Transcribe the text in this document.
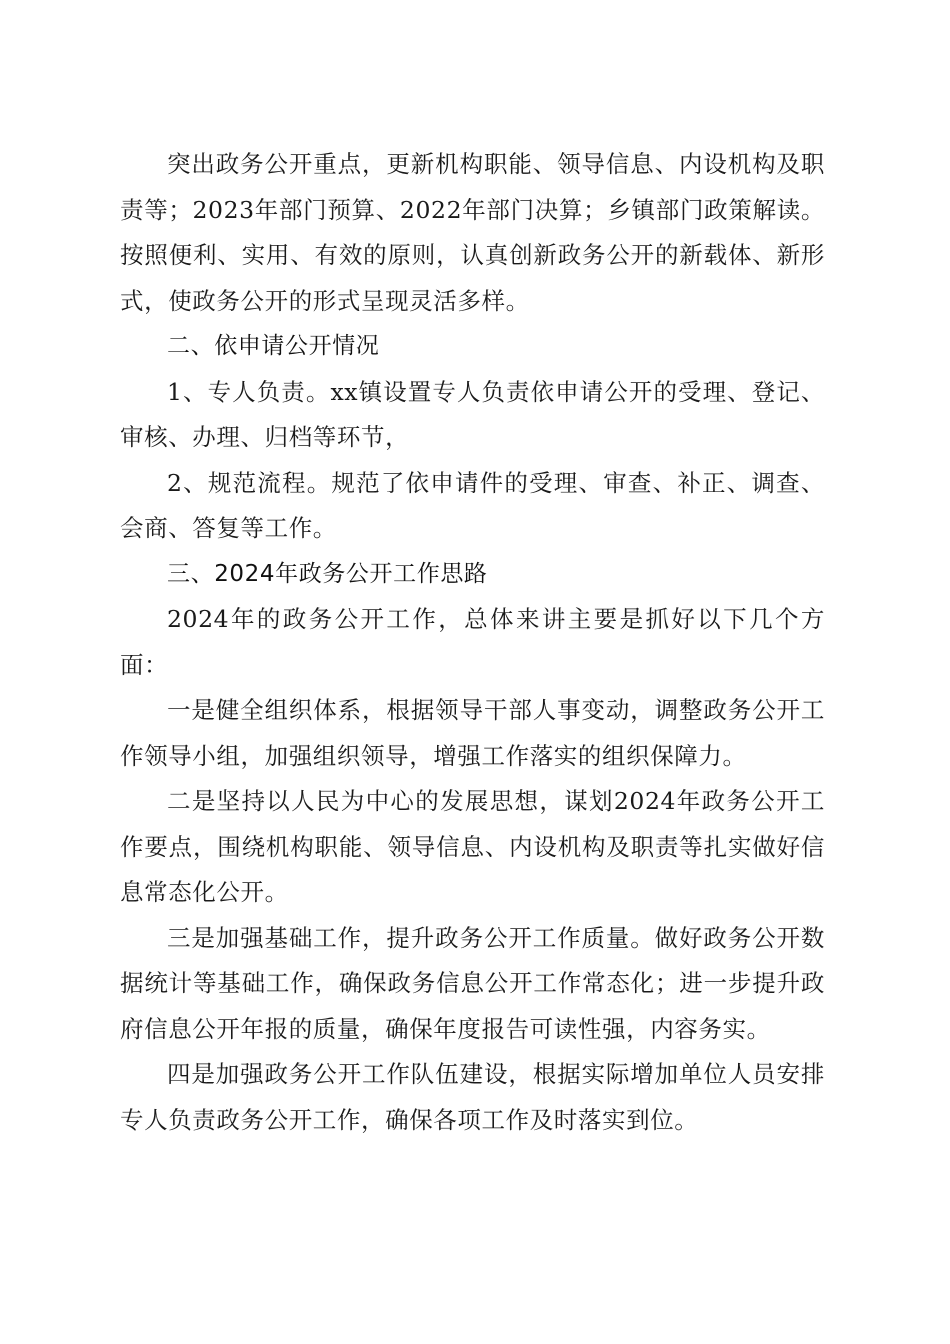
突出政务公开重点，更新机构职能、领导信息、内设机构及职责等；2023年部门预算、2022年部门决算；乡镇部门政策解读。按照便利、实用、有效的原则，认真创新政务公开的新载体、新形式，使政务公开的形式呈现灵活多样。

二、依申请公开情况

1、专人负责。xx镇设置专人负责依申请公开的受理、登记、审核、办理、归档等环节，

2、规范流程。规范了依申请件的受理、审查、补正、调查、会商、答复等工作。

三、2024年政务公开工作思路

2024年的政务公开工作，总体来讲主要是抓好以下几个方面：

一是健全组织体系，根据领导干部人事变动，调整政务公开工作领导小组，加强组织领导，增强工作落实的组织保障力。

二是坚持以人民为中心的发展思想，谋划2024年政务公开工作要点，围绕机构职能、领导信息、内设机构及职责等扎实做好信息常态化公开。

三是加强基础工作，提升政务公开工作质量。做好政务公开数据统计等基础工作，确保政务信息公开工作常态化；进一步提升政府信息公开年报的质量，确保年度报告可读性强，内容务实。

四是加强政务公开工作队伍建设，根据实际增加单位人员安排专人负责政务公开工作，确保各项工作及时落实到位。
